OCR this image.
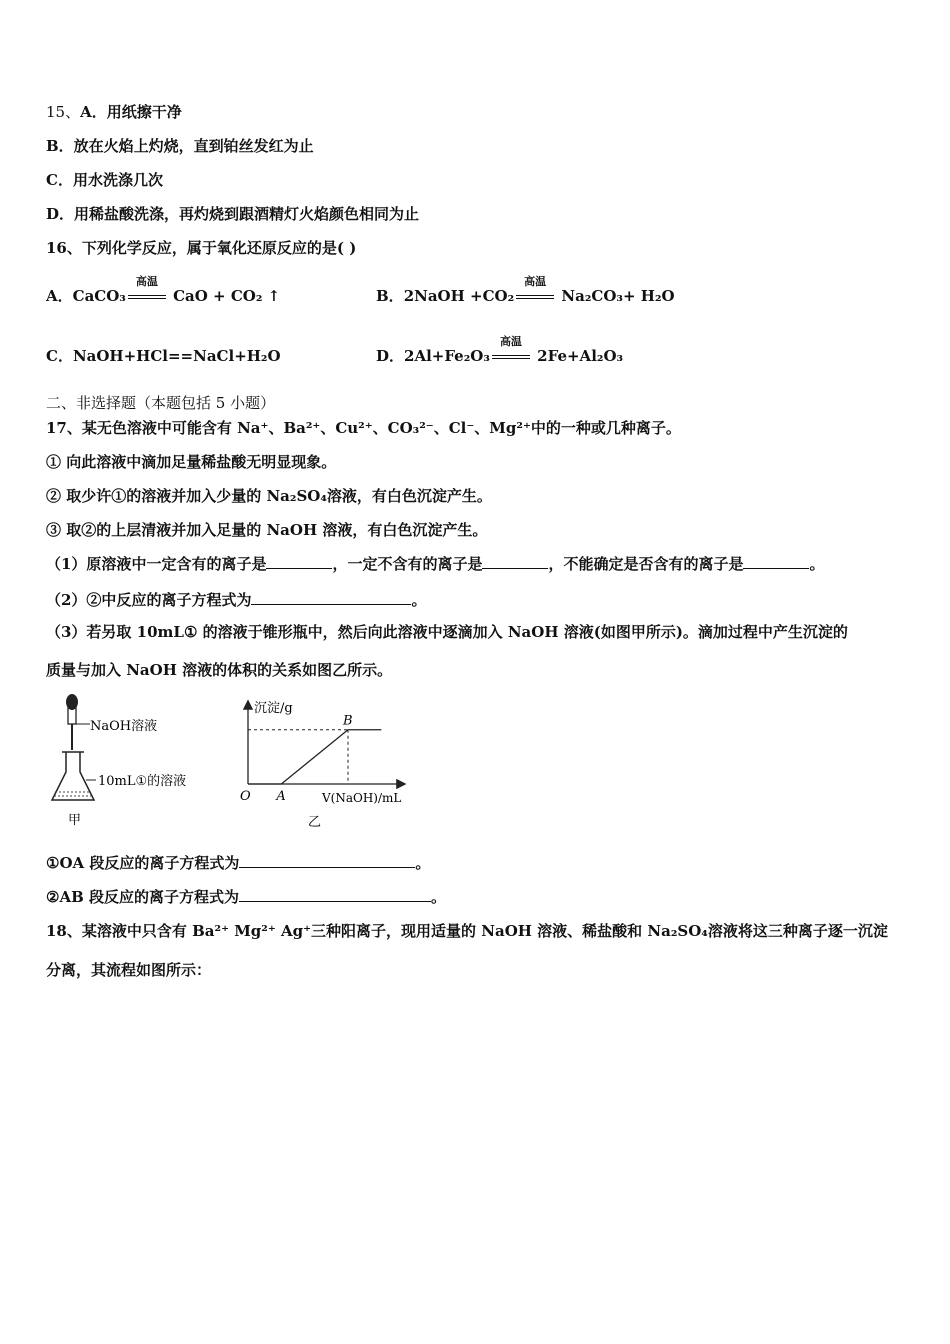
15、A．用纸擦干净
B．放在火焰上灼烧，直到铂丝发红为止
C．用水洗涤几次
D．用稀盐酸洗涤，再灼烧到跟酒精灯火焰颜色相同为止
16、下列化学反应，属于氧化还原反应的是( )
A．CaCO₃
高温
CaO + CO₂ ↑	B．2NaOH +CO₂
高温
Na₂CO₃+ H₂O
C．NaOH+HCl==NaCl+H₂O	D．2Al+Fe₂O₃
高温
2Fe+Al₂O₃
二、非选择题（本题包括 5 小题）
17、某无色溶液中可能含有 Na⁺、Ba²⁺、Cu²⁺、CO₃²⁻、Cl⁻、Mg²⁺中的一种或几种离子。
① 向此溶液中滴加足量稀盐酸无明显现象。
② 取少许①的溶液并加入少量的 Na₂SO₄溶液，有白色沉淀产生。
③ 取②的上层清液并加入足量的 NaOH 溶液，有白色沉淀产生。
（1）原溶液中一定含有的离子是	，一定不含有的离子是	，不能确定是否含有的离子是	。
（2）②中反应的离子方程式为	。
（3）若另取 10mL① 的溶液于锥形瓶中，然后向此溶液中逐滴加入 NaOH 溶液(如图甲所示)。滴加过程中产生沉淀的
质量与加入 NaOH 溶液的体积的关系如图乙所示。
NaOH溶液
10mL①的溶液
甲
沉淀/g
O	V(NaOH)/mL
乙
A
B
①OA 段反应的离子方程式为	。
②AB 段反应的离子方程式为	。
18、某溶液中只含有 Ba²⁺ Mg²⁺ Ag⁺三种阳离子，现用适量的 NaOH 溶液、稀盐酸和 Na₂SO₄溶液将这三种离子逐一沉淀
分离，其流程如图所示：
